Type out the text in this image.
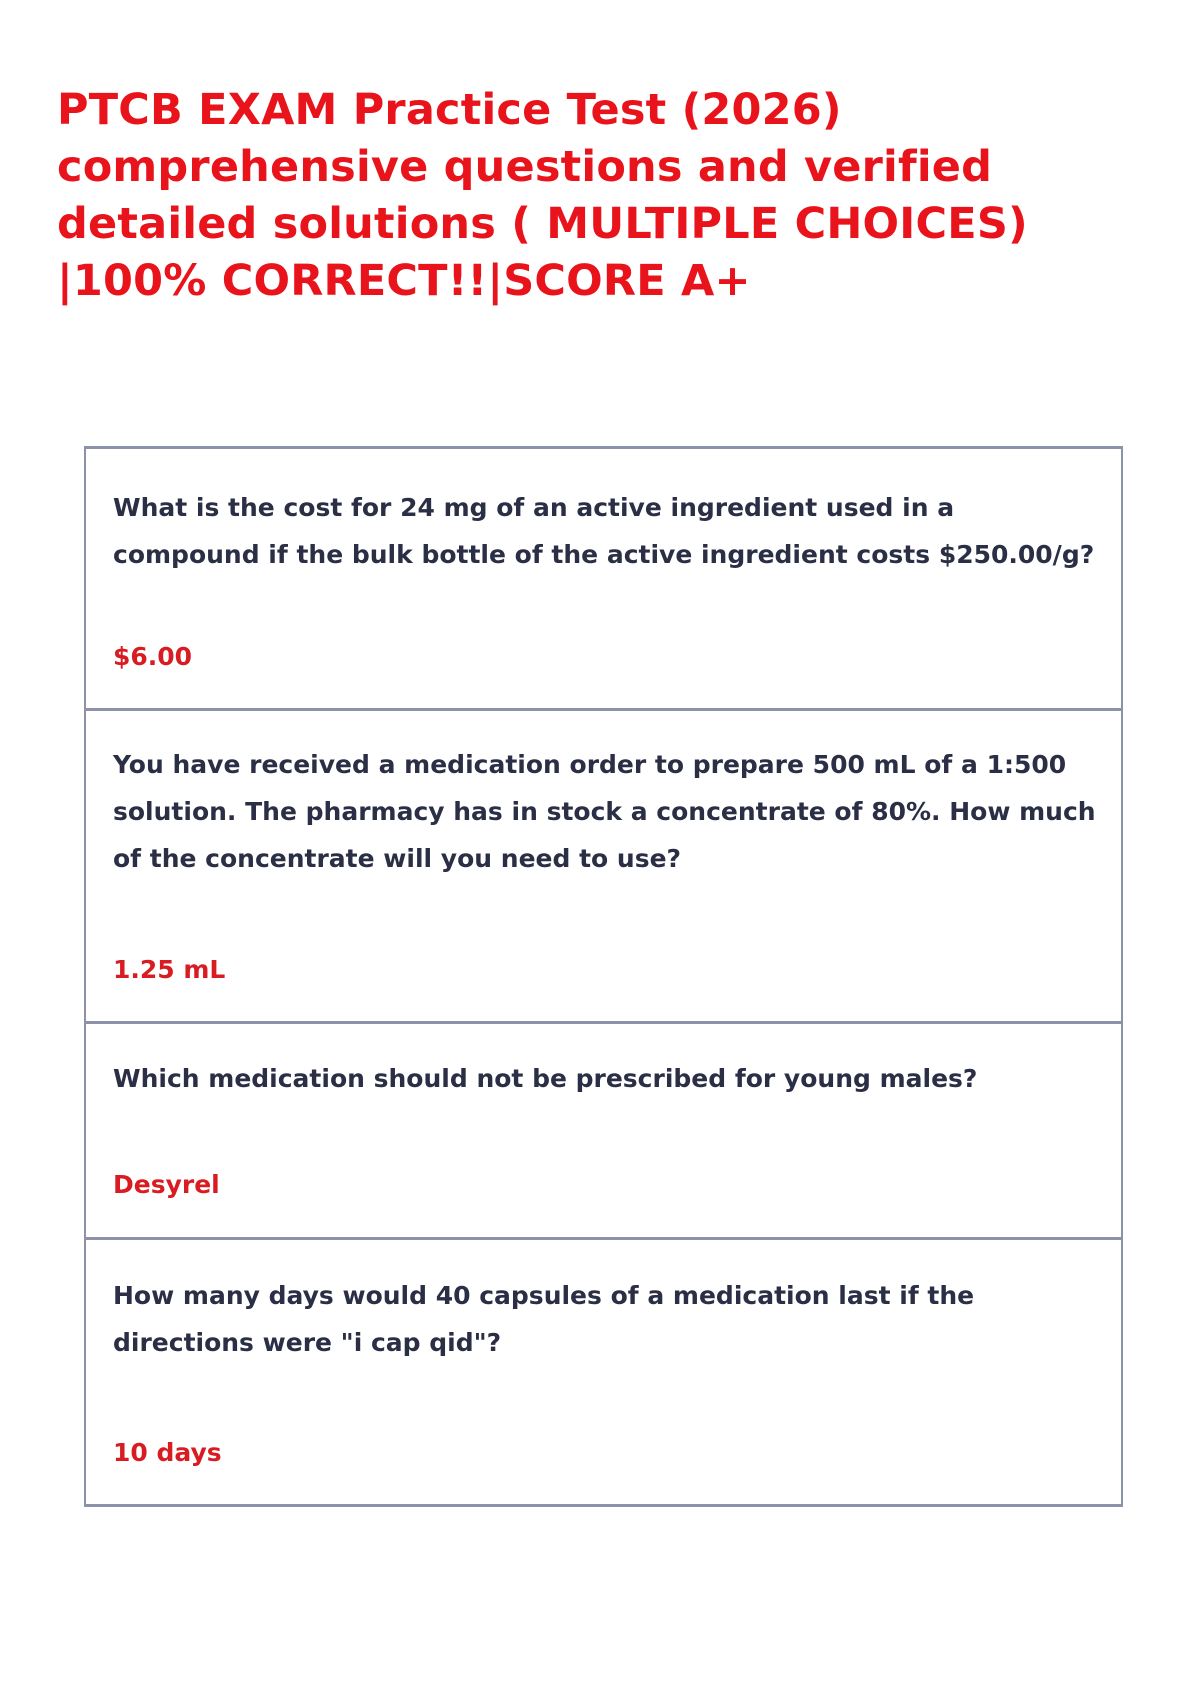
PTCB EXAM Practice Test (2026) comprehensive questions and verified detailed solutions ( MULTIPLE CHOICES) |100% CORRECT!!|SCORE A+

What is the cost for 24 mg of an active ingredient used in a compound if the bulk bottle of the active ingredient costs $250.00/g?

$6.00

You have received a medication order to prepare 500 mL of a 1:500 solution. The pharmacy has in stock a concentrate of 80%. How much of the concentrate will you need to use?

1.25 mL

Which medication should not be prescribed for young males?

Desyrel

How many days would 40 capsules of a medication last if the directions were "i cap qid"?

10 days
